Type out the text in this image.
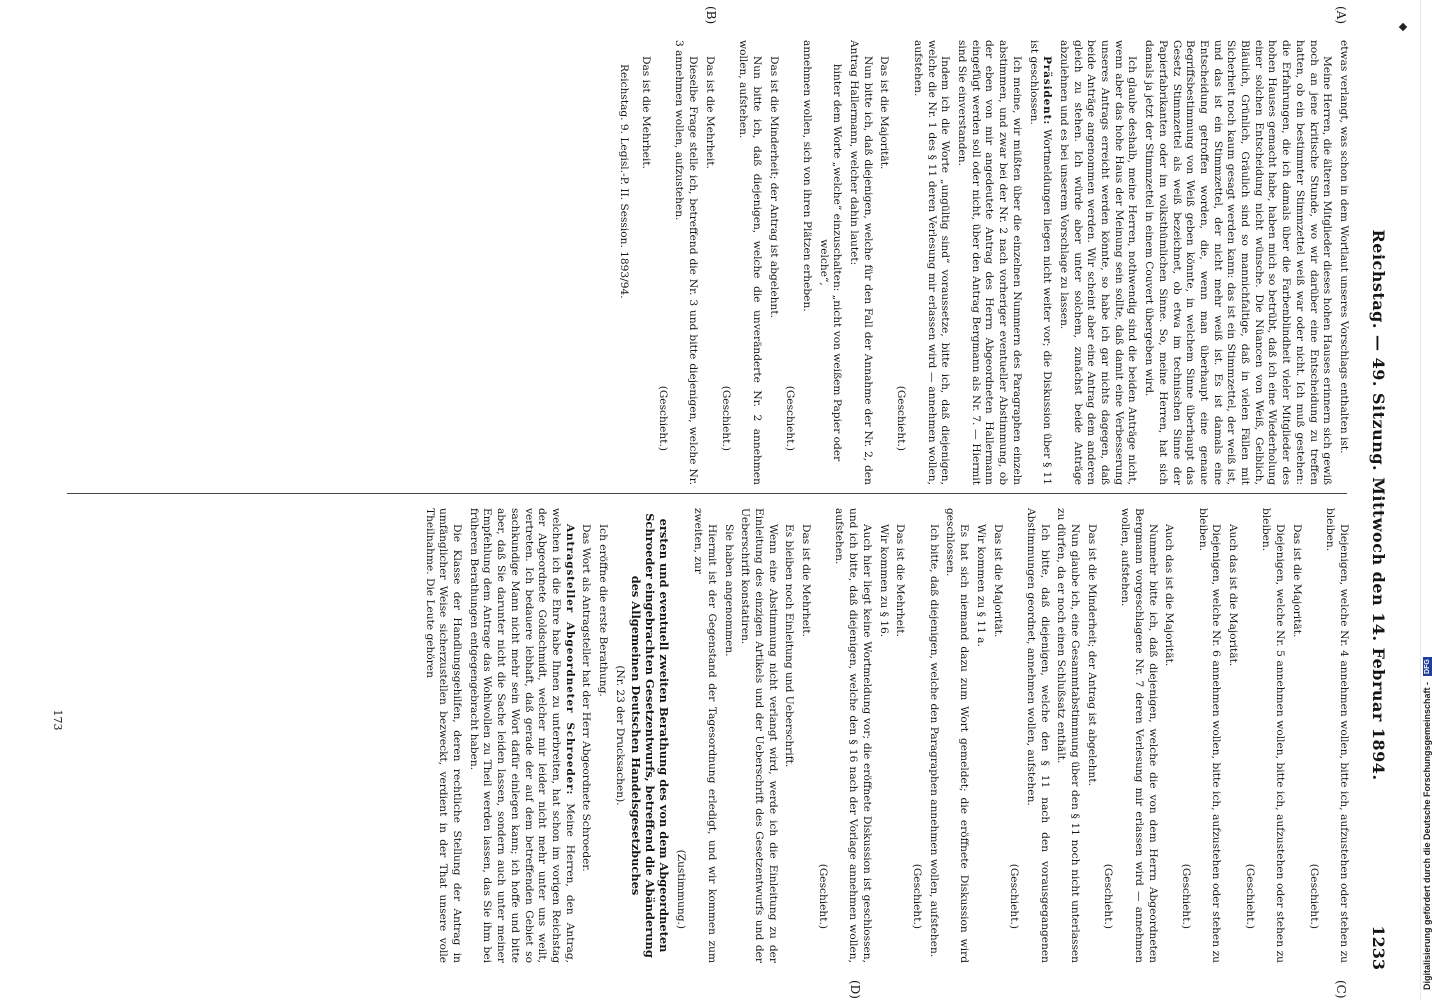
Reichstag. — 49. Sitzung. Mittwoch den 14. Februar 1894.
1233
(A)
(B)
(C)
(D)

etwas verlangt, was schon in dem Wortlaut unseres Vorschlags enthalten ist.

Meine Herren, die älteren Mitglieder dieses hohen Hauses erinnern sich gewiß noch an jene kritische Stunde, wo wir darüber eine Entscheidung zu treffen hatten, ob ein bestimmter Stimmzettel weiß war oder nicht. Ich muß gestehen: die Erfahrungen, die ich damals über die Farbenblindheit vieler Mitglieder des hohen Hauses gemacht habe, haben mich so betrübt, daß ich eine Wiederholung einer solchen Entscheidung nicht wünsche. Die Nüancen von Weiß, Gelblich, Bläulich, Grünlich, Gräulich sind so mannichfaltige, daß in vielen Fällen mit Sicherheit noch kaum gesagt werden kann: das ist ein Stimmzettel, der weiß ist, und das ist ein Stimmzettel, der nicht mehr weiß ist. Es ist damals eine Entscheidung getroffen worden, die, wenn man überhaupt eine genaue Begriffsbestimmung von Weiß geben könnte, in welchem Sinne überhaupt das Gesetz Stimmzettel als weiß bezeichnet, ob etwa im technischen Sinne der Papierfabrikanten oder im volksthümlichen Sinne. So, meine Herren, hat sich damals ja jetzt der Stimmzettel in einem Couvert übergeben wird.

Ich glaube deshalb, meine Herren, nothwendig sind die beiden Anträge nicht, wenn aber das hohe Haus der Meinung sein sollte, daß damit eine Verbesserung unseres Antrags erreicht werden könnte, so habe ich gar nichts dagegen, daß beide Anträge angenommen werden. Wir scheint aber eine Antrag dem anderen gleich zu stehen. Ich würde aber unter solchem, zunächst beide Anträge abzulehnen und es bei unserem Vorschlage zu lassen.

Präsident: Wortmeldungen liegen nicht weiter vor; die Diskussion über § 11 ist geschlossen.

Ich meine, wir müßten über die einzelnen Nummern des Paragraphen einzeln abstimmen, und zwar bei der Nr. 2 nach vorheriger eventueller Abstimmung, ob der eben von mir angedeutete Antrag des Herrn Abgeordneten Hallermann eingefügt werden soll oder nicht, über den Antrag Bergmann als Nr. 7. — Hiermit sind Sie einverstanden.

Indem ich die Worte „ungültig sind“ voraussetze, bitte ich, daß diejenigen, welche die Nr. 1 des § 11 deren Verlesung mir erlassen wird — annehmen wollen, aufstehen.

(Geschieht.)

Das ist die Majorität.

Nun bitte ich, daß diejenigen, welche für den Fall der Annahme der Nr. 2, den Antrag Hallermann, welcher dahin lautet:

hinter dem Worte „welche“ einzuschalten: „nicht von weißem Papier oder welche“,

annehmen wollen, sich von ihren Plätzen erheben.

(Geschieht.)

Das ist die Minderheit; der Antrag ist abgelehnt.

Nun bitte ich, daß diejenigen, welche die unveränderte Nr. 2 annehmen wollen, aufstehen.

(Geschieht.)

Das ist die Mehrheit.

Dieselbe Frage stelle ich, betreffend die Nr. 3 und bitte diejenigen, welche Nr. 3 annehmen wollen, aufzustehen.

(Geschieht.)

Das ist die Mehrheit.

Reichstag. 9. Legisl.-P. II. Session. 1893/94.

Diejenigen, welche Nr. 4 annehmen wollen, bitte ich, aufzustehen oder stehen zu bleiben.

(Geschieht.)

Das ist die Majorität.

Diejenigen, welche Nr. 5 annehmen wollen, bitte ich, aufzustehen oder stehen zu bleiben.

(Geschieht.)

Auch das ist die Majorität.

Diejenigen, welche Nr. 6 annehmen wollen, bitte ich, aufzustehen oder stehen zu bleiben.

(Geschieht.)

Auch das ist die Majorität.

Nunmehr bitte ich, daß diejenigen, welche die von dem Herrn Abgeordneten Bergmann vorgeschlagene Nr. 7 deren Verlesung mir erlassen wird — annehmen wollen, aufstehen.

(Geschieht.)

Das ist die Minderheit; der Antrag ist abgelehnt.

Nun glaube ich, eine Gesammtabstimmung über den § 11 noch nicht unterlassen zu dürfen, da er noch einen Schlußsatz enthält.

Ich bitte, daß diejenigen, welche den § 11 nach den vorausgegangenen Abstimmungen geordnet, annehmen wollen, aufstehen.

(Geschieht.)

Das ist die Majorität.

Wir kommen zu § 11 a.

Es hat sich niemand dazu zum Wort gemeldet; die eröffnete Diskussion wird geschlossen.

Ich bitte, daß diejenigen, welche den Paragraphen annehmen wollen, aufstehen.

(Geschieht.)

Das ist die Mehrheit.

Wir kommen zu § 16.

Auch hier liegt keine Wortmeldung vor; die eröffnete Diskussion ist geschlossen, und ich bitte, daß diejenigen, welche den § 16 nach der Vorlage annehmen wollen, aufstehen.

(Geschieht.)

Das ist die Mehrheit.

Es bleiben noch Einleitung und Ueberschrift.

Wenn eine Abstimmung nicht verlangt wird, werde ich die Einleitung zu der Einleitung des einzigen Artikels und der Ueberschrift des Gesetzentwurfs und der Ueberschrift konstatiren.

Sie haben angenommen.

Hiermit ist der Gegenstand der Tagesordnung erledigt, und wir kommen zum zweiten, zur

(Zustimmung.)

ersten und eventuell zweiten Berathung des von dem Abgeordneten Schroeder eingebrachten Gesetzentwurfs, betreffend die Abänderung des Allgemeinen Deutschen Handelsgesetzbuches

(Nr. 23 der Drucksachen).

Ich eröffne die erste Berathung.

Das Wort als Antragsteller hat der Herr Abgeordnete Schroeder.

Antragsteller Abgeordneter Schroeder: Meine Herren, den Antrag, welchen ich die Ehre habe Ihnen zu unterbreiten, hat schon im vorigen Reichstag der Abgeordnete Goldschmidt, welcher mir leider nicht mehr unter uns weilt, vertreten. Ich bedauere lebhaft, daß gerade der auf dem betreffenden Gebiet so sachkundige Mann nicht mehr sein Wort dafür einlegen kann; ich hoffe und bitte aber, daß Sie darunter nicht die Sache leiden lassen, sondern auch unter meiner Empfehlung dem Antrage das Wohlwollen zu Theil werden lassen, das Sie ihm bei früheren Berathungen entgegengebracht haben.

Die Klasse der Handlungsgehilfen, deren rechtliche Stellung der Antrag in umfänglicher Weise sicherzustellen bezweckt, verdient in der That unsere volle Theilnahme. Die Leute gehören

173	Digitalisierung gefördert durch die Deutsche Forschungsgemeinschaft -DFG
